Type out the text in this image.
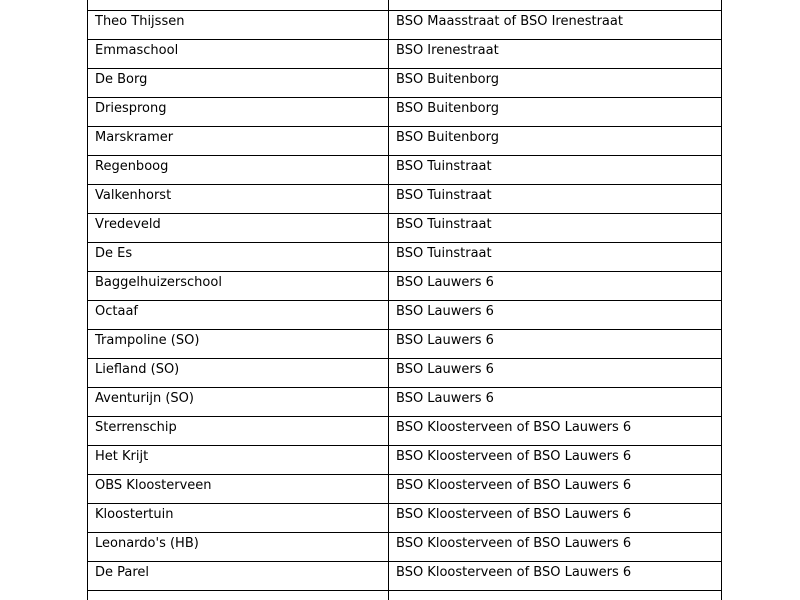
Theo Thijssen	BSO Maasstraat of BSO Irenestraat
Emmaschool	BSO Irenestraat
De Borg	BSO Buitenborg
Driesprong	BSO Buitenborg
Marskramer	BSO Buitenborg
Regenboog	BSO Tuinstraat
Valkenhorst	BSO Tuinstraat
Vredeveld	BSO Tuinstraat
De Es	BSO Tuinstraat
Baggelhuizerschool	BSO Lauwers 6
Octaaf	BSO Lauwers 6
Trampoline (SO)	BSO Lauwers 6
Liefland (SO)	BSO Lauwers 6
Aventurijn (SO)	BSO Lauwers 6
Sterrenschip	BSO Kloosterveen of BSO Lauwers 6
Het Krijt	BSO Kloosterveen of BSO Lauwers 6
OBS Kloosterveen	BSO Kloosterveen of BSO Lauwers 6
Kloostertuin	BSO Kloosterveen of BSO Lauwers 6
Leonardo's (HB)	BSO Kloosterveen of BSO Lauwers 6
De Parel	BSO Kloosterveen of BSO Lauwers 6
